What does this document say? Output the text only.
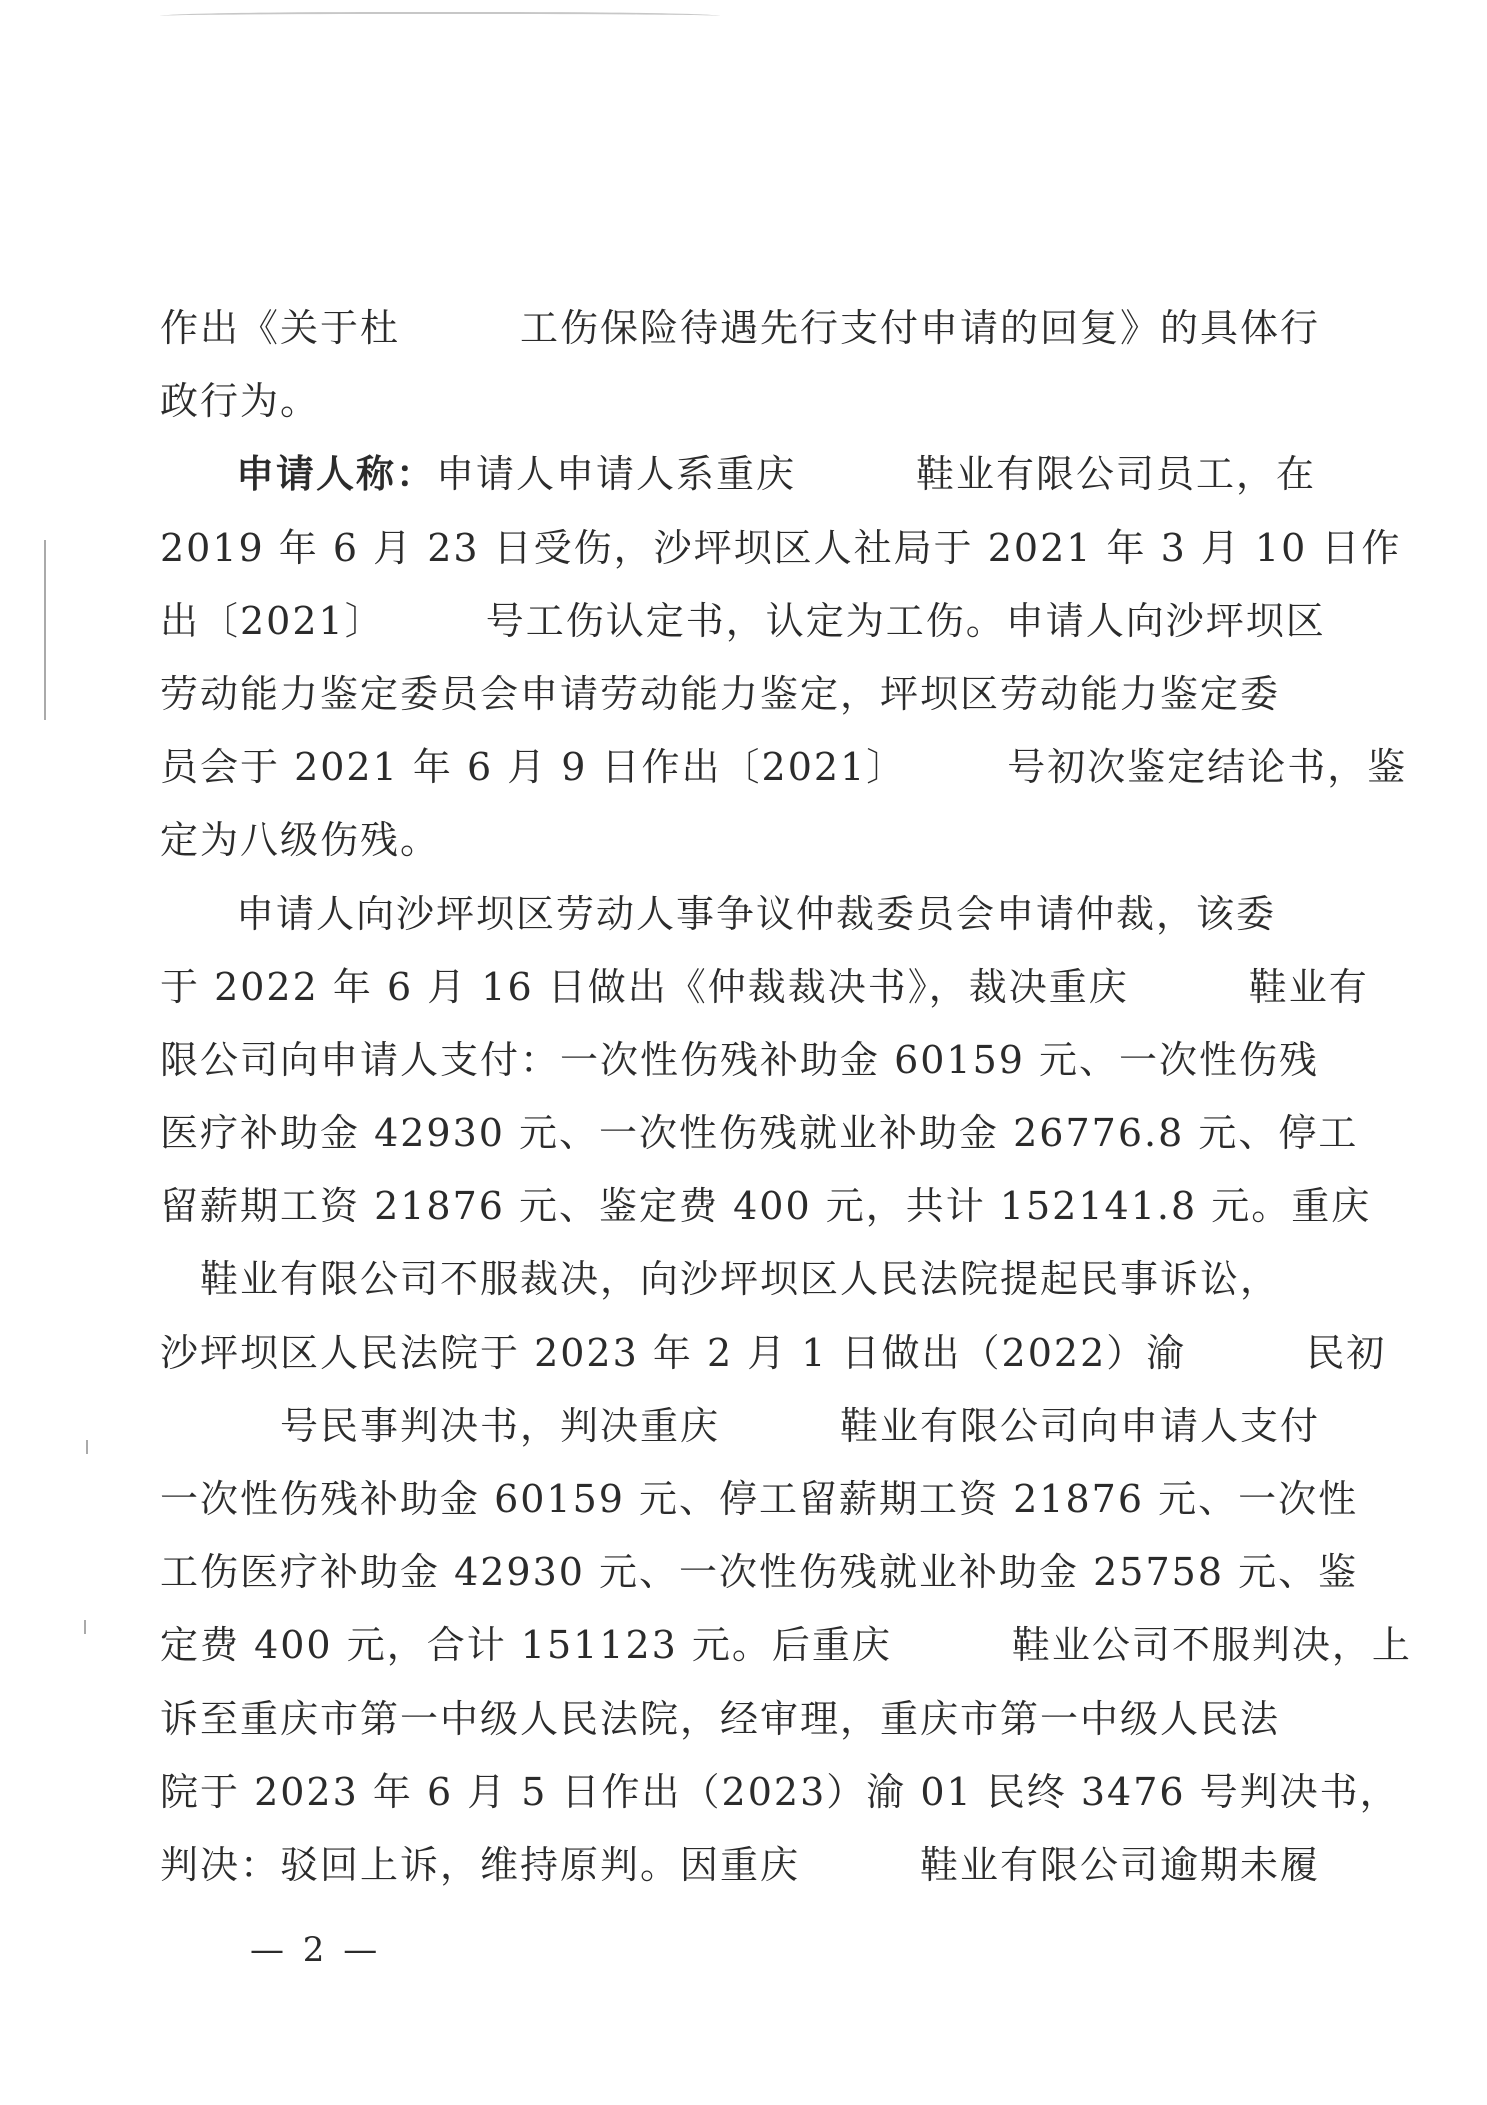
作出《关于杜　　　工伤保险待遇先行支付申请的回复》的具体行
政行为。
申请人称：申请人申请人系重庆　　　鞋业有限公司员工，在
2019 年 6 月 23 日受伤，沙坪坝区人社局于 2021 年 3 月 10 日作
出〔2021〕　　　号工伤认定书，认定为工伤。申请人向沙坪坝区
劳动能力鉴定委员会申请劳动能力鉴定，坪坝区劳动能力鉴定委
员会于 2021 年 6 月 9 日作出〔2021〕　　　号初次鉴定结论书，鉴
定为八级伤残。
申请人向沙坪坝区劳动人事争议仲裁委员会申请仲裁，该委
于 2022 年 6 月 16 日做出《仲裁裁决书》，裁决重庆　　　鞋业有
限公司向申请人支付：一次性伤残补助金 60159 元、一次性伤残
医疗补助金 42930 元、一次性伤残就业补助金 26776.8 元、停工
留薪期工资 21876 元、鉴定费 400 元，共计 152141.8 元。重庆
　鞋业有限公司不服裁决，向沙坪坝区人民法院提起民事诉讼，
沙坪坝区人民法院于 2023 年 2 月 1 日做出（2022）渝　　　民初
　　　号民事判决书，判决重庆　　　鞋业有限公司向申请人支付
一次性伤残补助金 60159 元、停工留薪期工资 21876 元、一次性
工伤医疗补助金 42930 元、一次性伤残就业补助金 25758 元、鉴
定费 400 元，合计 151123 元。后重庆　　　鞋业公司不服判决，上
诉至重庆市第一中级人民法院，经审理，重庆市第一中级人民法
院于 2023 年 6 月 5 日作出（2023）渝 01 民终 3476 号判决书，
判决：驳回上诉，维持原判。因重庆　　　鞋业有限公司逾期未履
— 2 —
